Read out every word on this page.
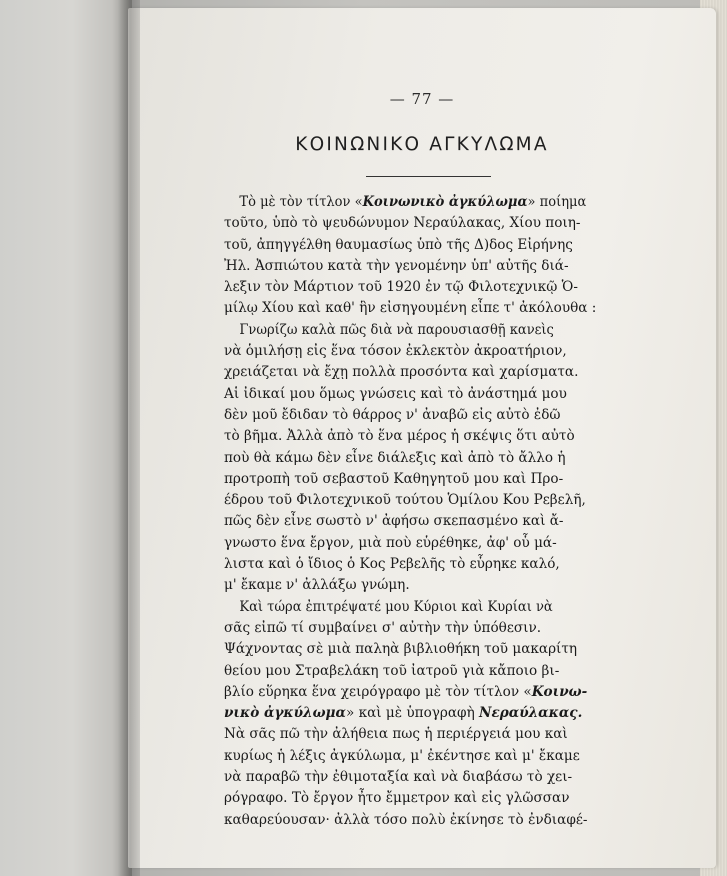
— 77 —
ΚΟΙΝΩΝΙΚΟ ΑΓΚΥΛΩΜΑ
Τὸ μὲ τὸν τίτλον «Κοινωνικὸ ἀγκύλωμα» ποίημα
τοῦτο, ὑπὸ τὸ ψευδώνυμον Νεραύλακας, Χίου ποιη-
τοῦ, ἀπηγγέλθη θαυμασίως ὑπὸ τῆς Δ)δος Εἰρήνης
Ἠλ. Ἀσπιώτου κατὰ τὴν γενομένην ὑπ' αὐτῆς διά-
λεξιν τὸν Μάρτιον τοῦ 1920 ἐν τῷ Φιλοτεχνικῷ Ὁ-
μίλῳ Χίου καὶ καθ' ἣν εἰσηγουμένη εἶπε τ' ἀκόλουθα :
Γνωρίζω καλὰ πῶς διὰ νὰ παρουσιασθῇ κανεὶς
νὰ ὁμιλήσῃ εἰς ἕνα τόσον ἐκλεκτὸν ἀκροατήριον,
χρειάζεται νὰ ἔχῃ πολλὰ προσόντα καὶ χαρίσματα.
Αἱ ἰδικαί μου ὅμως γνώσεις καὶ τὸ ἀνάστημά μου
δὲν μοῦ ἔδιδαν τὸ θάρρος ν' ἀναβῶ εἰς αὐτὸ ἐδῶ
τὸ βῆμα. Ἀλλὰ ἀπὸ τὸ ἕνα μέρος ἡ σκέψις ὅτι αὐτὸ
ποὺ θὰ κάμω δὲν εἶνε διάλεξις καὶ ἀπὸ τὸ ἄλλο ἡ
προτροπὴ τοῦ σεβαστοῦ Καθηγητοῦ μου καὶ Προ-
έδρου τοῦ Φιλοτεχνικοῦ τούτου Ὁμίλου Κου Ρεβελῆ,
πῶς δὲν εἶνε σωστὸ ν' ἀφήσω σκεπασμένο καὶ ἄ-
γνωστο ἕνα ἔργον, μιὰ ποὺ εὑρέθηκε, ἀφ' οὗ μά-
λιστα καὶ ὁ ἴδιος ὁ Κος Ρεβελῆς τὸ εὗρηκε καλό,
μ' ἔκαμε ν' ἀλλάξω γνώμη.
Καὶ τώρα ἐπιτρέψατέ μου Κύριοι καὶ Κυρίαι νὰ
σᾶς εἰπῶ τί συμβαίνει σ' αὐτὴν τὴν ὑπόθεσιν.
Ψάχνοντας σὲ μιὰ παληὰ βιβλιοθήκη τοῦ μακαρίτη
θείου μου Στραβελάκη τοῦ ἰατροῦ γιὰ κἄποιο βι-
βλίο εὕρηκα ἕνα χειρόγραφο μὲ τὸν τίτλον «Κοινω-
νικὸ ἀγκύλωμα» καὶ μὲ ὑπογραφὴ Νεραύλακας.
Νὰ σᾶς πῶ τὴν ἀλήθεια πως ἡ περιέργειά μου καὶ
κυρίως ἡ λέξις ἀγκύλωμα, μ' ἐκέντησε καὶ μ' ἔκαμε
νὰ παραβῶ τὴν ἐθιμοταξία καὶ νὰ διαβάσω τὸ χει-
ρόγραφο. Τὸ ἔργον ἦτο ἔμμετρον καὶ εἰς γλῶσσαν
καθαρεύουσαν· ἀλλὰ τόσο πολὺ ἐκίνησε τὸ ἐνδιαφέ-
